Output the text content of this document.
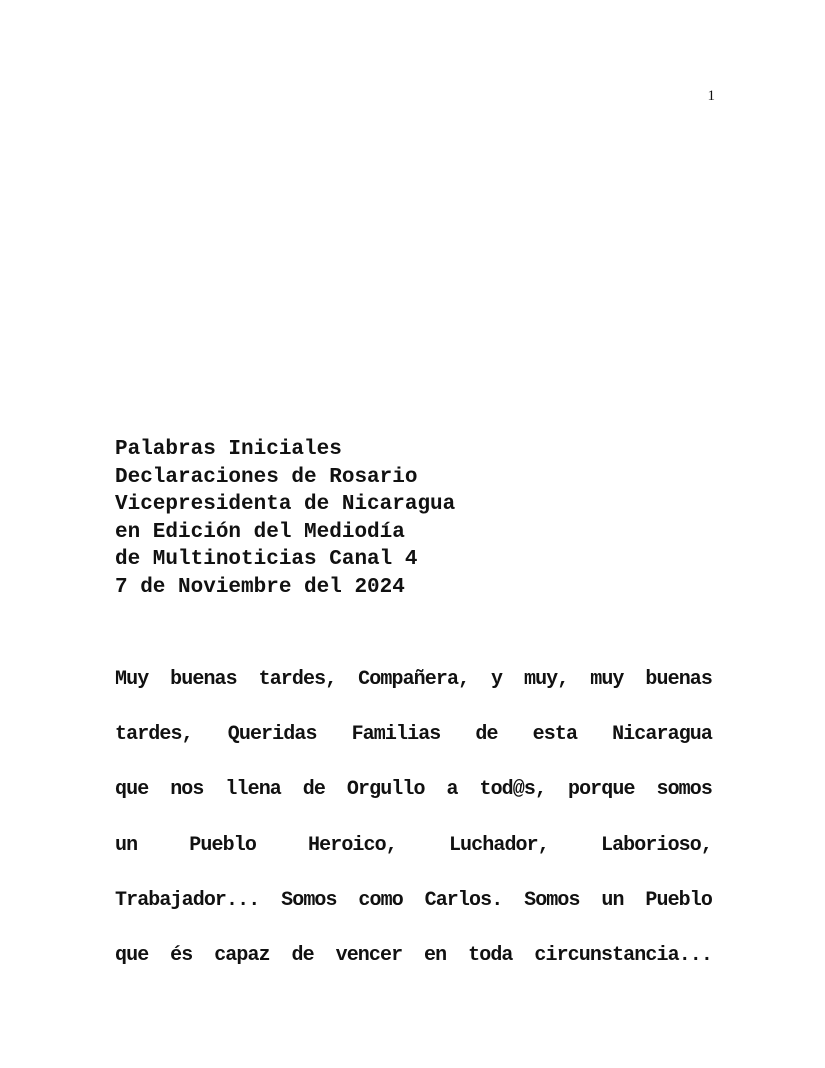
1
Palabras Iniciales
Declaraciones de Rosario
Vicepresidenta de Nicaragua
en Edición del Mediodía
de Multinoticias Canal 4
7 de Noviembre del 2024
Muy buenas tardes, Compañera, y muy, muy buenas
tardes, Queridas Familias de esta Nicaragua
que nos llena de Orgullo a tod@s, porque somos
un Pueblo Heroico, Luchador, Laborioso,
Trabajador... Somos como Carlos. Somos un Pueblo
que és capaz de vencer en toda circunstancia...
